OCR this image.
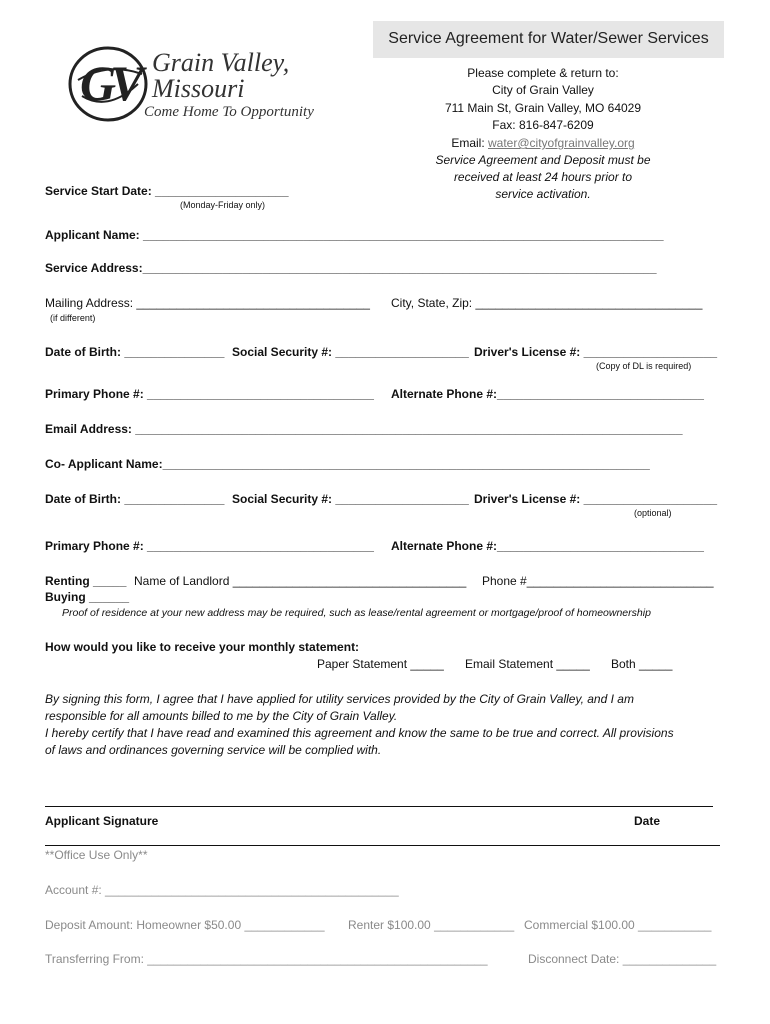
GV Grain Valley,
Missouri
Come Home To Opportunity
Service Agreement for Water/Sewer Services
Please complete & return to:
City of Grain Valley
711 Main St, Grain Valley, MO 64029
Fax: 816-847-6209
Email: water@cityofgrainvalley.org
Service Agreement and Deposit must be
received at least 24 hours prior to
service activation.
Service Start Date: ____________________
(Monday-Friday only)
Applicant Name: ______________________________________________________________________________
Service Address:_____________________________________________________________________________
Mailing Address: ___________________________________ City, State, Zip: __________________________________
(if different)
Date of Birth: _______________ Social Security #: ____________________ Driver's License #: ____________________
(Copy of DL is required)
Primary Phone #: __________________________________ Alternate Phone #:_______________________________
Email Address: __________________________________________________________________________________
Co- Applicant Name:_________________________________________________________________________
Date of Birth: _______________ Social Security #: ____________________ Driver's License #: ____________________
(optional)
Primary Phone #: __________________________________ Alternate Phone #:_______________________________
Renting _____ Name of Landlord ___________________________________ Phone #____________________________
Buying ______
Proof of residence at your new address may be required, such as lease/rental agreement or mortgage/proof of homeownership
How would you like to receive your monthly statement:
Paper Statement _____ Email Statement _____ Both _____
By signing this form, I agree that I have applied for utility services provided by the City of Grain Valley, and I am
responsible for all amounts billed to me by the City of Grain Valley.
I hereby certify that I have read and examined this agreement and know the same to be true and correct. All provisions
of laws and ordinances governing service will be complied with.
Applicant Signature	Date
**Office Use Only**
Account #: ____________________________________________
Deposit Amount: Homeowner $50.00 ____________ Renter $100.00 ____________ Commercial $100.00 ___________
Transferring From: ___________________________________________________	Disconnect Date: ______________
